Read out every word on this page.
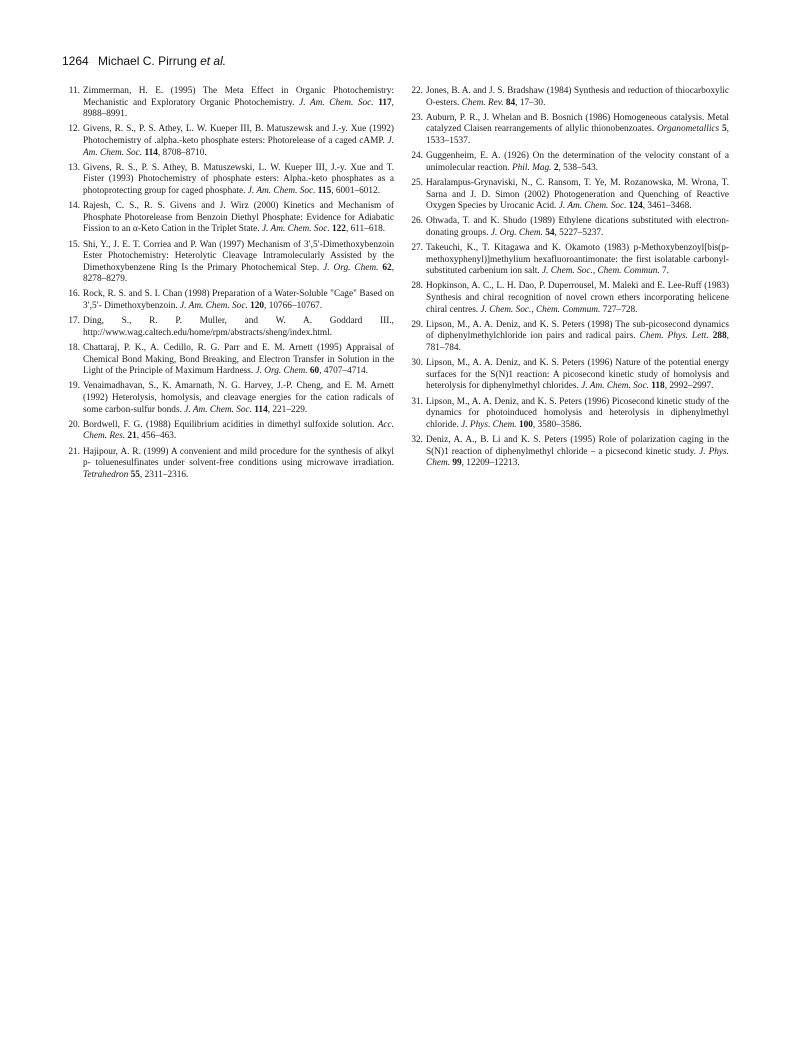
1264 Michael C. Pirrung et al.
11. Zimmerman, H. E. (1995) The Meta Effect in Organic Photochemistry: Mechanistic and Exploratory Organic Photochemistry. J. Am. Chem. Soc. 117, 8988–8991.
12. Givens, R. S., P. S. Athey, L. W. Kueper III, B. Matuszewsk and J.-y. Xue (1992) Photochemistry of .alpha.-keto phosphate esters: Photorelease of a caged cAMP. J. Am. Chem. Soc. 114, 8708–8710.
13. Givens, R. S., P. S. Athey, B. Matuszewski, L. W. Kueper III, J.-y. Xue and T. Fister (1993) Photochemistry of phosphate esters: Alpha.-keto phosphates as a photoprotecting group for caged phosphate. J. Am. Chem. Soc. 115, 6001–6012.
14. Rajesh, C. S., R. S. Givens and J. Wirz (2000) Kinetics and Mechanism of Phosphate Photorelease from Benzoin Diethyl Phosphate: Evidence for Adiabatic Fission to an α-Keto Cation in the Triplet State. J. Am. Chem. Soc. 122, 611–618.
15. Shi, Y., J. E. T. Corriea and P. Wan (1997) Mechanism of 3′,5′-Dimethoxybenzoin Ester Photochemistry: Heterolytic Cleavage Intramolecularly Assisted by the Dimethoxybenzene Ring Is the Primary Photochemical Step. J. Org. Chem. 62, 8278–8279.
16. Rock, R. S. and S. I. Chan (1998) Preparation of a Water-Soluble "Cage" Based on 3′,5′- Dimethoxybenzoin. J. Am. Chem. Soc. 120, 10766–10767.
17. Ding, S., R. P. Muller, and W. A. Goddard III., http://www.wag.caltech.edu/home/rpm/abstracts/sheng/index.html.
18. Chattaraj, P. K., A. Cedillo, R. G. Parr and E. M. Arnett (1995) Appraisal of Chemical Bond Making, Bond Breaking, and Electron Transfer in Solution in the Light of the Principle of Maximum Hardness. J. Org. Chem. 60, 4707–4714.
19. Venaimadhavan, S., K. Amarnath, N. G. Harvey, J.-P. Cheng, and E. M. Arnett (1992) Heterolysis, homolysis, and cleavage energies for the cation radicals of some carbon-sulfur bonds. J. Am. Chem. Soc. 114, 221–229.
20. Bordwell, F. G. (1988) Equilibrium acidities in dimethyl sulfoxide solution. Acc. Chem. Res. 21, 456–463.
21. Hajipour, A. R. (1999) A convenient and mild procedure for the synthesis of alkyl p- toluenesulfinates under solvent-free conditions using microwave irradiation. Tetrahedron 55, 2311–2316.
22. Jones, B. A. and J. S. Bradshaw (1984) Synthesis and reduction of thiocarboxylic O-esters. Chem. Rev. 84, 17–30.
23. Auburn, P. R., J. Whelan and B. Bosnich (1986) Homogeneous catalysis. Metal catalyzed Claisen rearrangements of allylic thionobenzoates. Organometallics 5, 1533–1537.
24. Guggenheim, E. A. (1926) On the determination of the velocity constant of a unimolecular reaction. Phil. Mag. 2, 538–543.
25. Haralampus-Grynaviski, N., C. Ransom, T. Ye, M. Rozanowska, M. Wrona, T. Sarna and J. D. Simon (2002) Photogeneration and Quenching of Reactive Oxygen Species by Urocanic Acid. J. Am. Chem. Soc. 124, 3461–3468.
26. Ohwada, T. and K. Shudo (1989) Ethylene dications substituted with electron-donating groups. J. Org. Chem. 54, 5227–5237.
27. Takeuchi, K., T. Kitagawa and K. Okamoto (1983) p-Methoxybenzoyl[bis(p-methoxyphenyl)]methylium hexafluoroantimonate: the first isolatable carbonyl-substituted carbenium ion salt. J. Chem. Soc., Chem. Commun. 7.
28. Hopkinson, A. C., L. H. Dao, P. Duperrousel, M. Maleki and E. Lee-Ruff (1983) Synthesis and chiral recognition of novel crown ethers incorporating helicene chiral centres. J. Chem. Soc., Chem. Commum. 727–728.
29. Lipson, M., A. A. Deniz, and K. S. Peters (1998) The sub-picosecond dynamics of diphenylmethylchloride ion pairs and radical pairs. Chem. Phys. Lett. 288, 781–784.
30. Lipson, M., A. A. Deniz, and K. S. Peters (1996) Nature of the potential energy surfaces for the S(N)1 reaction: A picosecond kinetic study of homolysis and heterolysis for diphenylmethyl chlorides. J. Am. Chem. Soc. 118, 2992–2997.
31. Lipson, M., A. A. Deniz, and K. S. Peters (1996) Picosecond kinetic study of the dynamics for photoinduced homolysis and heterolysis in diphenylmethyl chloride. J. Phys. Chem. 100, 3580–3586.
32. Deniz, A. A., B. Li and K. S. Peters (1995) Role of polarization caging in the S(N)1 reaction of diphenylmethyl chloride – a picsecond kinetic study. J. Phys. Chem. 99, 12209–12213.
